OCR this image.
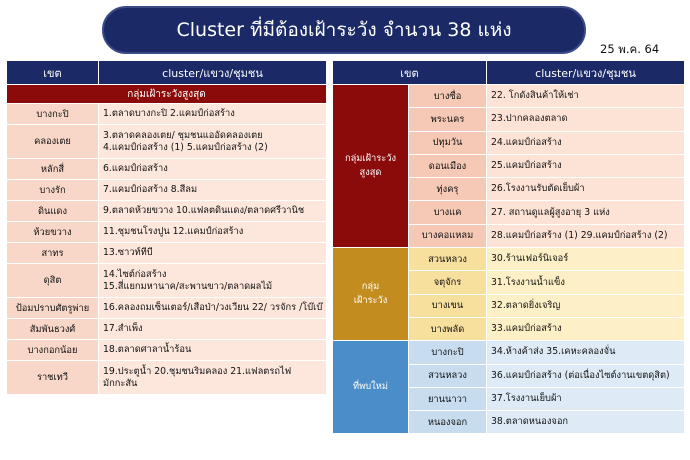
Cluster ที่มีต้องเฝ้าระวัง จำนวน 38 แห่ง
25 พ.ค. 64
เขต	cluster/แขวง/ชุมชน
กลุ่มเฝ้าระวังสูงสุด	
บางกะปิ	1.ตลาดบางกะปิ 2.แคมป์ก่อสร้าง

คลองเตย	3.ตลาดคลองเตย/ ชุมชนแออัดคลองเตย
4.แคมป์ก่อสร้าง (1) 5.แคมป์ก่อสร้าง (2)

หลักสี่	6.แคมป์ก่อสร้าง

บางรัก	7.แคมป์ก่อสร้าง 8.สีลม

ดินแดง	9.ตลาดห้วยขวาง 10.แฟลตดินแดง/ตลาดศรีวานิช

ห้วยขวาง	11.ชุมชนโรงปูน 12.แคมป์ก่อสร้าง

สาทร	13.ซาวท์ทีบี

ดุสิต	14.ไซต์ก่อสร้าง
15.สี่แยกมหานาค/สะพานขาว/ตลาดผลไม้

ป้อมปราบศัตรูพ่าย	16.คลองถมเซ็นเตอร์/เสือป่า/วงเวียน 22/ วรจักร /โบ๊เบ๊

สัมพันธวงศ์	17.สำเพ็ง

บางกอกน้อย	18.ตลาดศาลาน้ำร้อน

ราชเทวี	19.ประตูน้ำ 20.ชุมชนริมคลอง 21.แฟลตรถไฟ
มักกะสัน
เขต		cluster/แขวง/ชุมชน

กลุ่มเฝ้าระวัง
สูงสุด	บางซื่อ	22. โกดังสินค้าให้เช่า
	พระนคร	23.ปากคลองตลาด
	ปทุมวัน	24.แคมป์ก่อสร้าง
	ดอนเมือง	25.แคมป์ก่อสร้าง
	ทุ่งครุ	26.โรงงานรับตัดเย็บผ้า
	บางแค	27. สถานดูแลผู้สูงอายุ 3 แห่ง
	บางคอแหลม	28.แคมป์ก่อสร้าง (1) 29.แคมป์ก่อสร้าง (2)

กลุ่ม
เฝ้าระวัง	สวนหลวง	30.ร้านเฟอร์นิเจอร์
	จตุจักร	31.โรงงานน้ำแข็ง
	บางเขน	32.ตลาดยิ่งเจริญ
	บางพลัด	33.แคมป์ก่อสร้าง

ที่พบใหม่	บางกะปิ	34.ห้างค้าส่ง 35.เคหะคลองจั่น
	สวนหลวง	36.แคมป์ก่อสร้าง (ต่อเนื่องไซต์งานเขตดุสิต)
	ยานนาวา	37.โรงงานเย็บผ้า
	หนองจอก	38.ตลาดหนองจอก
